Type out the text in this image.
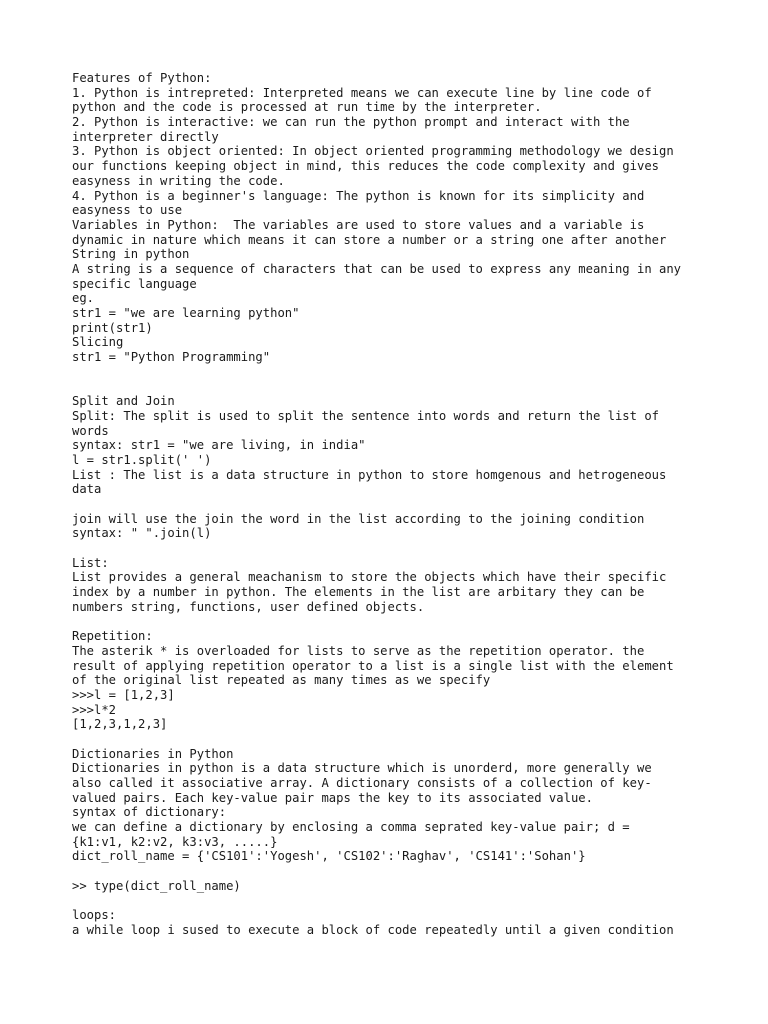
Features of Python:
1. Python is intrepreted: Interpreted means we can execute line by line code of
python and the code is processed at run time by the interpreter.
2. Python is interactive: we can run the python prompt and interact with the
interpreter directly
3. Python is object oriented: In object oriented programming methodology we design
our functions keeping object in mind, this reduces the code complexity and gives
easyness in writing the code.
4. Python is a beginner's language: The python is known for its simplicity and
easyness to use
Variables in Python:  The variables are used to store values and a variable is
dynamic in nature which means it can store a number or a string one after another
String in python
A string is a sequence of characters that can be used to express any meaning in any
specific language
eg.
str1 = "we are learning python"
print(str1)
Slicing
str1 = "Python Programming"
Split and Join
Split: The split is used to split the sentence into words and return the list of
words
syntax: str1 = "we are living, in india"
l = str1.split(' ')
List : The list is a data structure in python to store homgenous and hetrogeneous
data
join will use the join the word in the list according to the joining condition
syntax: " ".join(l)
List:
List provides a general meachanism to store the objects which have their specific
index by a number in python. The elements in the list are arbitary they can be
numbers string, functions, user defined objects.
Repetition:
The asterik * is overloaded for lists to serve as the repetition operator. the
result of applying repetition operator to a list is a single list with the element
of the original list repeated as many times as we specify
>>>l = [1,2,3]
>>>l*2
[1,2,3,1,2,3]
Dictionaries in Python
Dictionaries in python is a data structure which is unorderd, more generally we
also called it associative array. A dictionary consists of a collection of key-
valued pairs. Each key-value pair maps the key to its associated value.
syntax of dictionary:
we can define a dictionary by enclosing a comma seprated key-value pair; d =
{k1:v1, k2:v2, k3:v3, .....}
dict_roll_name = {'CS101':'Yogesh', 'CS102':'Raghav', 'CS141':'Sohan'}
>> type(dict_roll_name)
loops:
a while loop i sused to execute a block of code repeatedly until a given condition
